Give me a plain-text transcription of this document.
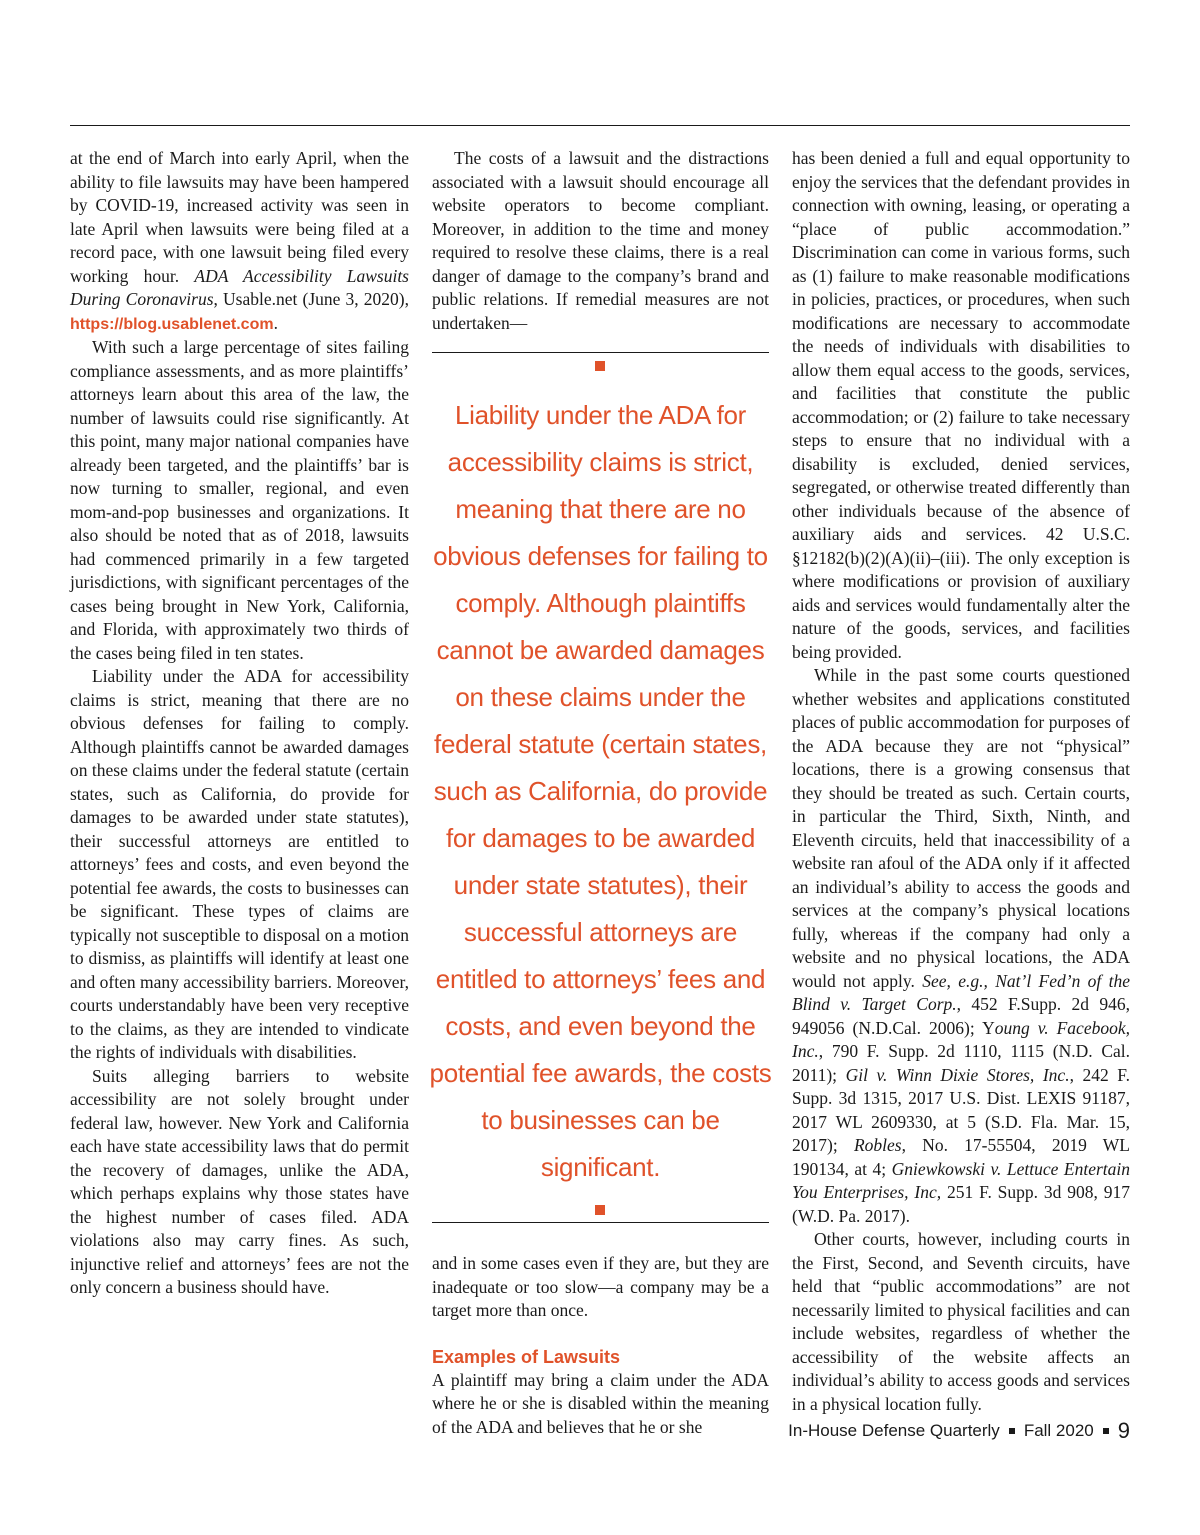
at the end of March into early April, when the ability to file lawsuits may have been hampered by COVID-19, increased activity was seen in late April when lawsuits were being filed at a record pace, with one lawsuit being filed every working hour. ADA Accessibility Lawsuits During Coronavirus, Usable.net (June 3, 2020), https://blog.usablenet.com.

With such a large percentage of sites failing compliance assessments, and as more plaintiffs’ attorneys learn about this area of the law, the number of lawsuits could rise significantly. At this point, many major national companies have already been targeted, and the plaintiffs’ bar is now turning to smaller, regional, and even mom-and-pop businesses and organizations. It also should be noted that as of 2018, lawsuits had commenced primarily in a few targeted jurisdictions, with significant percentages of the cases being brought in New York, California, and Florida, with approximately two thirds of the cases being filed in ten states.

Liability under the ADA for accessibility claims is strict, meaning that there are no obvious defenses for failing to comply. Although plaintiffs cannot be awarded damages on these claims under the federal statute (certain states, such as California, do provide for damages to be awarded under state statutes), their successful attorneys are entitled to attorneys’ fees and costs, and even beyond the potential fee awards, the costs to businesses can be significant. These types of claims are typically not susceptible to disposal on a motion to dismiss, as plaintiffs will identify at least one and often many accessibility barriers. Moreover, courts understandably have been very receptive to the claims, as they are intended to vindicate the rights of individuals with disabilities.

Suits alleging barriers to website accessibility are not solely brought under federal law, however. New York and California each have state accessibility laws that do permit the recovery of damages, unlike the ADA, which perhaps explains why those states have the highest number of cases filed. ADA violations also may carry fines. As such, injunctive relief and attorneys’ fees are not the only concern a business should have.

The costs of a lawsuit and the distractions associated with a lawsuit should encourage all website operators to become compliant. Moreover, in addition to the time and money required to resolve these claims, there is a real danger of damage to the company’s brand and public relations. If remedial measures are not undertaken—

Liability under the ADA for accessibility claims is strict, meaning that there are no obvious defenses for failing to comply. Although plaintiffs cannot be awarded damages on these claims under the federal statute (certain states, such as California, do provide for damages to be awarded under state statutes), their successful attorneys are entitled to attorneys’ fees and costs, and even beyond the potential fee awards, the costs to businesses can be significant.

and in some cases even if they are, but they are inadequate or too slow—a company may be a target more than once.

Examples of Lawsuits

A plaintiff may bring a claim under the ADA where he or she is disabled within the meaning of the ADA and believes that he or she

has been denied a full and equal opportunity to enjoy the services that the defendant provides in connection with owning, leasing, or operating a “place of public accommodation.” Discrimination can come in various forms, such as (1) failure to make reasonable modifications in policies, practices, or procedures, when such modifications are necessary to accommodate the needs of individuals with disabilities to allow them equal access to the goods, services, and facilities that constitute the public accommodation; or (2) failure to take necessary steps to ensure that no individual with a disability is excluded, denied services, segregated, or otherwise treated differently than other individuals because of the absence of auxiliary aids and services. 42 U.S.C. §12182(b)(2)(A)(ii)–(iii). The only exception is where modifications or provision of auxiliary aids and services would fundamentally alter the nature of the goods, services, and facilities being provided.

While in the past some courts questioned whether websites and applications constituted places of public accommodation for purposes of the ADA because they are not “physical” locations, there is a growing consensus that they should be treated as such. Certain courts, in particular the Third, Sixth, Ninth, and Eleventh circuits, held that inaccessibility of a website ran afoul of the ADA only if it affected an individual’s ability to access the goods and services at the company’s physical locations fully, whereas if the company had only a website and no physical locations, the ADA would not apply. See, e.g., Nat’l Fed’n of the Blind v. Target Corp., 452 F.Supp. 2d 946, 949056 (N.D.Cal. 2006); Young v. Facebook, Inc., 790 F. Supp. 2d 1110, 1115 (N.D. Cal. 2011); Gil v. Winn Dixie Stores, Inc., 242 F. Supp. 3d 1315, 2017 U.S. Dist. LEXIS 91187, 2017 WL 2609330, at 5 (S.D. Fla. Mar. 15, 2017); Robles, No. 17-55504, 2019 WL 190134, at 4; Gniewkowski v. Lettuce Entertain You Enterprises, Inc, 251 F. Supp. 3d 908, 917 (W.D. Pa. 2017).

Other courts, however, including courts in the First, Second, and Seventh circuits, have held that “public accommodations” are not necessarily limited to physical facilities and can include websites, regardless of whether the accessibility of the website affects an individual’s ability to access goods and services in a physical location fully.

In-House Defense Quarterly Fall 2020 9
